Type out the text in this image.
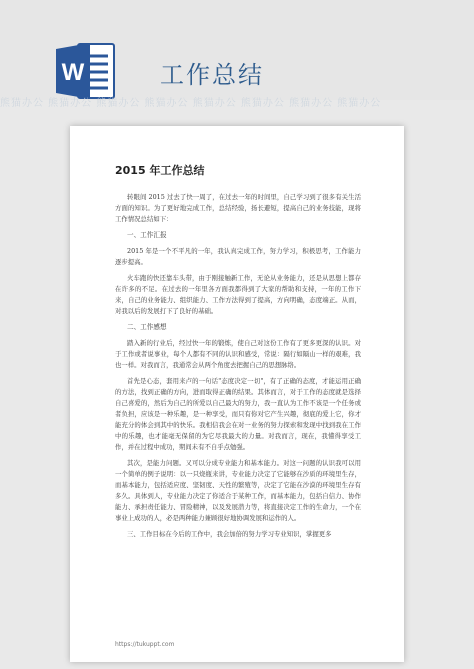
W	工作总结
熊猫办公 熊猫办公 熊猫办公 熊猫办公 熊猫办公 熊猫办公 熊猫办公 熊猫办公
2015 年工作总结

转眼间 2015 过去了快一周了，在过去一年的时间里，自己学习到了很多有关生活方面的知识。为了更好地完成工作，总结经验，扬长避短，提高自己的业务技能，现将工作情况总结如下：

一、工作汇报

2015 年是一个不平凡的一年，我认真完成工作，努力学习，积极思考，工作能力逐步提高。

火车跑的快还靠车头带，由于刚接触新工作，无论从业务能力，还是从思想上都存在许多的不足。在过去的一年里各方面我都得到了大家的帮助和支持，一年的工作下来，自己的业务能力、组织能力、工作方法得到了提高，方向明确，态度端正。从而，对我以后的发展打下了良好的基础。

二、工作感想

踏入新的行业后，经过快一年的锻炼，使自己对这份工作有了更多更深的认识。对于工作或者说事业，每个人都有不同的认识和感受，常说：隔行如隔山一样的艰难，我也一样。对我而言，我通常会从两个角度去把握自己的思想脉络。

首先是心态，套用来卢的一句话"态度决定一切"，有了正确的态度，才能运用正确的方法，找到正确的方向，进而取得正确的结果。其体而言，对于工作的态度就是选择自己喜爱的，然后为自己的所爱以自己最大的努力，我一直认为工作不该是一个任务或者负担，应该是一种乐趣，是一种享受，而只有你对它产生兴趣，彻底的爱上它，你才能充分的体会到其中的快乐。我相信我会在对一业务的努力探索和发现中找到我在工作中的乐趣，也才能毫无保留的为它尽我最大的力量。对我而言，现在，我懂得享受工作，并在过程中成功，期间未有不自乎点勉强。

其次，是能力问题。又可以分成专业能力和基本能力。对这一问题的认识我可以用一个简单的例子说明：以一只烧瓶来讲，专业能力决定了它能够在沙质的环境里生存，而基本能力，包括适应度、坚韧度、天性的繁殖等，决定了它能在沙漠的环境里生存有多久。具体到人，专业能力决定了你适合于某种工作，而基本能力，包括自信力、协作能力、承担责任能力、冒险精神，以及发展潜力等，将直接决定工作的生命力，一个在事业上成功的人，必是两种能力兼顾很好地协调发展和运作的人。

三、工作目标在今后的工作中，我会加倍的努力学习专业知识，掌握更多

https://tukuppt.com
